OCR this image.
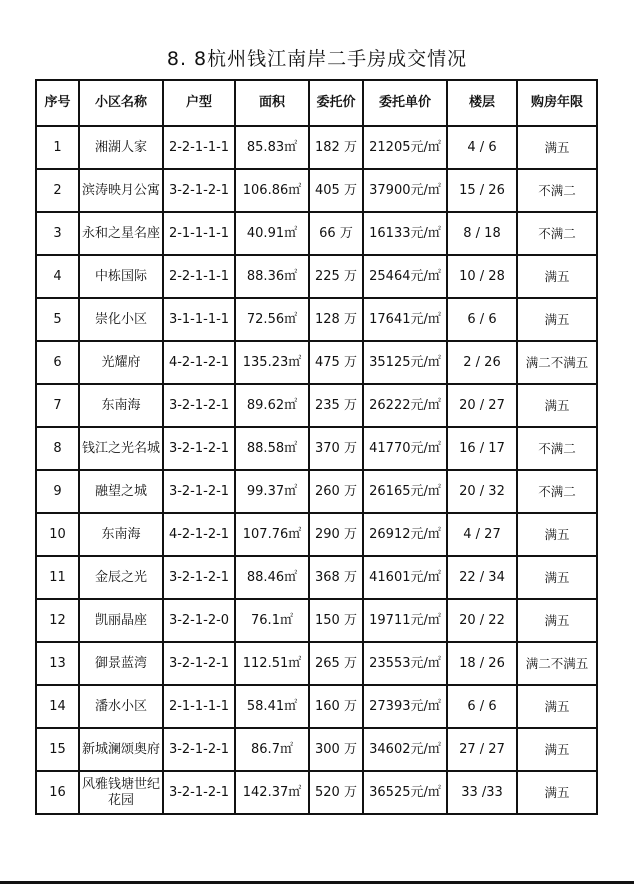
8. 8杭州钱江南岸二手房成交情况
序号	小区名称	户型	面积	委托价	委托单价	楼层	购房年限
1	湘湖人家	2-2-1-1-1	85.83㎡	182 万	21205元/㎡	4 / 6	满五
2	滨涛映月公寓	3-2-1-2-1	106.86㎡	405 万	37900元/㎡	15 / 26	不满二
3	永和之星名座	2-1-1-1-1	40.91㎡	66 万	16133元/㎡	8 / 18	不满二
4	中栋国际	2-2-1-1-1	88.36㎡	225 万	25464元/㎡	10 / 28	满五
5	崇化小区	3-1-1-1-1	72.56㎡	128 万	17641元/㎡	6 / 6	满五
6	光耀府	4-2-1-2-1	135.23㎡	475 万	35125元/㎡	2 / 26	满二不满五
7	东南海	3-2-1-2-1	89.62㎡	235 万	26222元/㎡	20 / 27	满五
8	钱江之光名城	3-2-1-2-1	88.58㎡	370 万	41770元/㎡	16 / 17	不满二
9	融望之城	3-2-1-2-1	99.37㎡	260 万	26165元/㎡	20 / 32	不满二
10	东南海	4-2-1-2-1	107.76㎡	290 万	26912元/㎡	4 / 27	满五
11	金辰之光	3-2-1-2-1	88.46㎡	368 万	41601元/㎡	22 / 34	满五
12	凯丽晶座	3-2-1-2-0	76.1㎡	150 万	19711元/㎡	20 / 22	满五
13	御景蓝湾	3-2-1-2-1	112.51㎡	265 万	23553元/㎡	18 / 26	满二不满五
14	潘水小区	2-1-1-1-1	58.41㎡	160 万	27393元/㎡	6 / 6	满五
15	新城澜颂奥府	3-2-1-2-1	86.7㎡	300 万	34602元/㎡	27 / 27	满五
16	风雅钱塘世纪花园	3-2-1-2-1	142.37㎡	520 万	36525元/㎡	33 /33	满五
